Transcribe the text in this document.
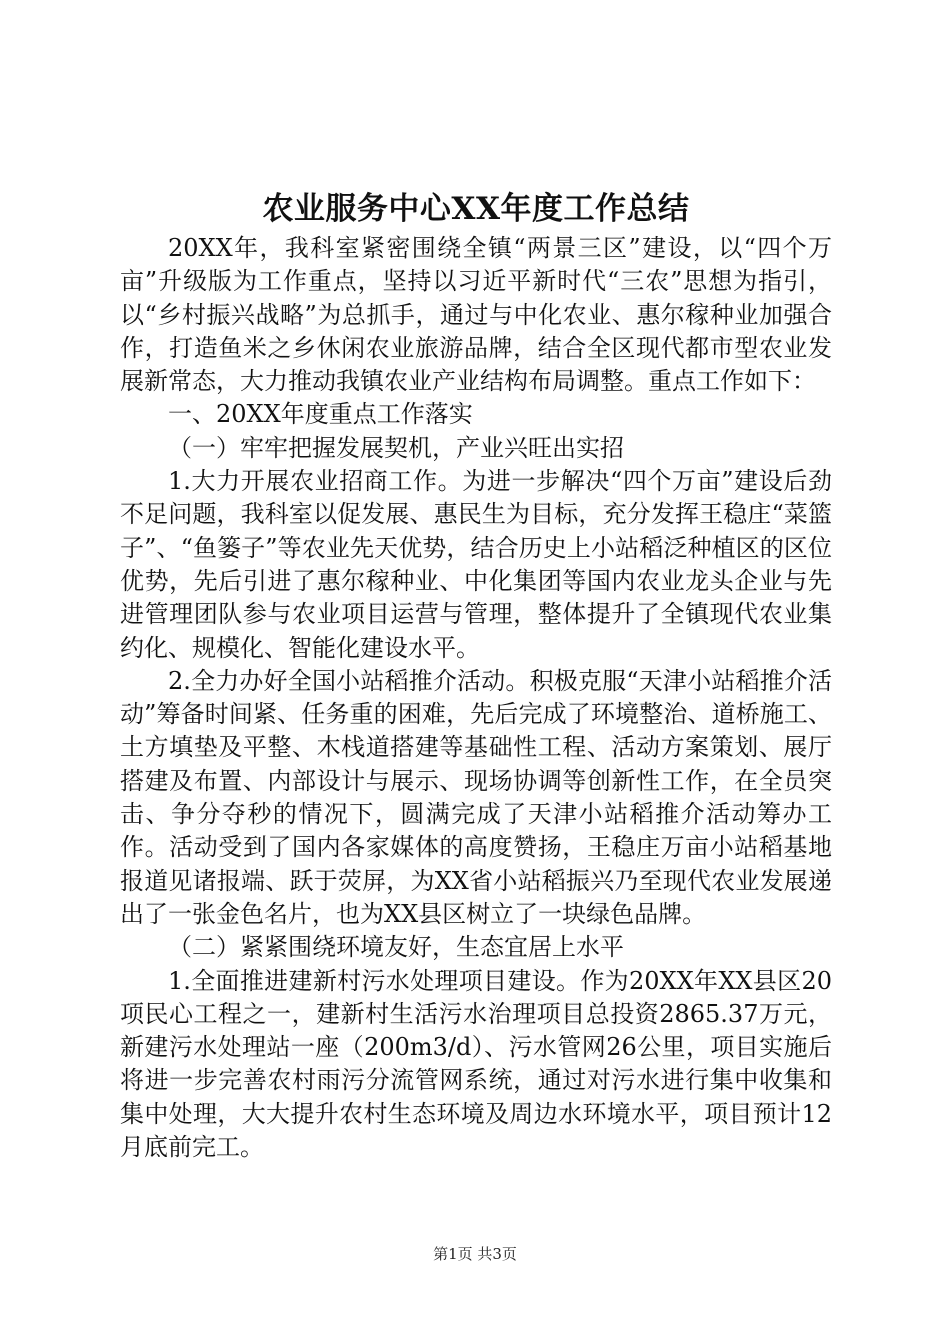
农业服务中心XX年度工作总结

20XX年，我科室紧密围绕全镇“两景三区”建设，以“四个万亩”升级版为工作重点，坚持以习近平新时代“三农”思想为指引，以“乡村振兴战略”为总抓手，通过与中化农业、惠尔稼种业加强合作，打造鱼米之乡休闲农业旅游品牌，结合全区现代都市型农业发展新常态，大力推动我镇农业产业结构布局调整。重点工作如下：

一、20XX年度重点工作落实

（一）牢牢把握发展契机，产业兴旺出实招

1.大力开展农业招商工作。为进一步解决“四个万亩”建设后劲不足问题，我科室以促发展、惠民生为目标，充分发挥王稳庄“菜篮子”、“鱼篓子”等农业先天优势，结合历史上小站稻泛种植区的区位优势，先后引进了惠尔稼种业、中化集团等国内农业龙头企业与先进管理团队参与农业项目运营与管理，整体提升了全镇现代农业集约化、规模化、智能化建设水平。

2.全力办好全国小站稻推介活动。积极克服“天津小站稻推介活动”筹备时间紧、任务重的困难，先后完成了环境整治、道桥施工、土方填垫及平整、木栈道搭建等基础性工程、活动方案策划、展厅搭建及布置、内部设计与展示、现场协调等创新性工作，在全员突击、争分夺秒的情况下，圆满完成了天津小站稻推介活动筹办工作。活动受到了国内各家媒体的高度赞扬，王稳庄万亩小站稻基地报道见诸报端、跃于荧屏，为XX省小站稻振兴乃至现代农业发展递出了一张金色名片，也为XX县区树立了一块绿色品牌。

（二）紧紧围绕环境友好，生态宜居上水平

1.全面推进建新村污水处理项目建设。作为20XX年XX县区20项民心工程之一，建新村生活污水治理项目总投资2865.37万元，新建污水处理站一座（200m3/d）、污水管网26公里，项目实施后将进一步完善农村雨污分流管网系统，通过对污水进行集中收集和集中处理，大大提升农村生态环境及周边水环境水平，项目预计12月底前完工。

第1页 共3页
